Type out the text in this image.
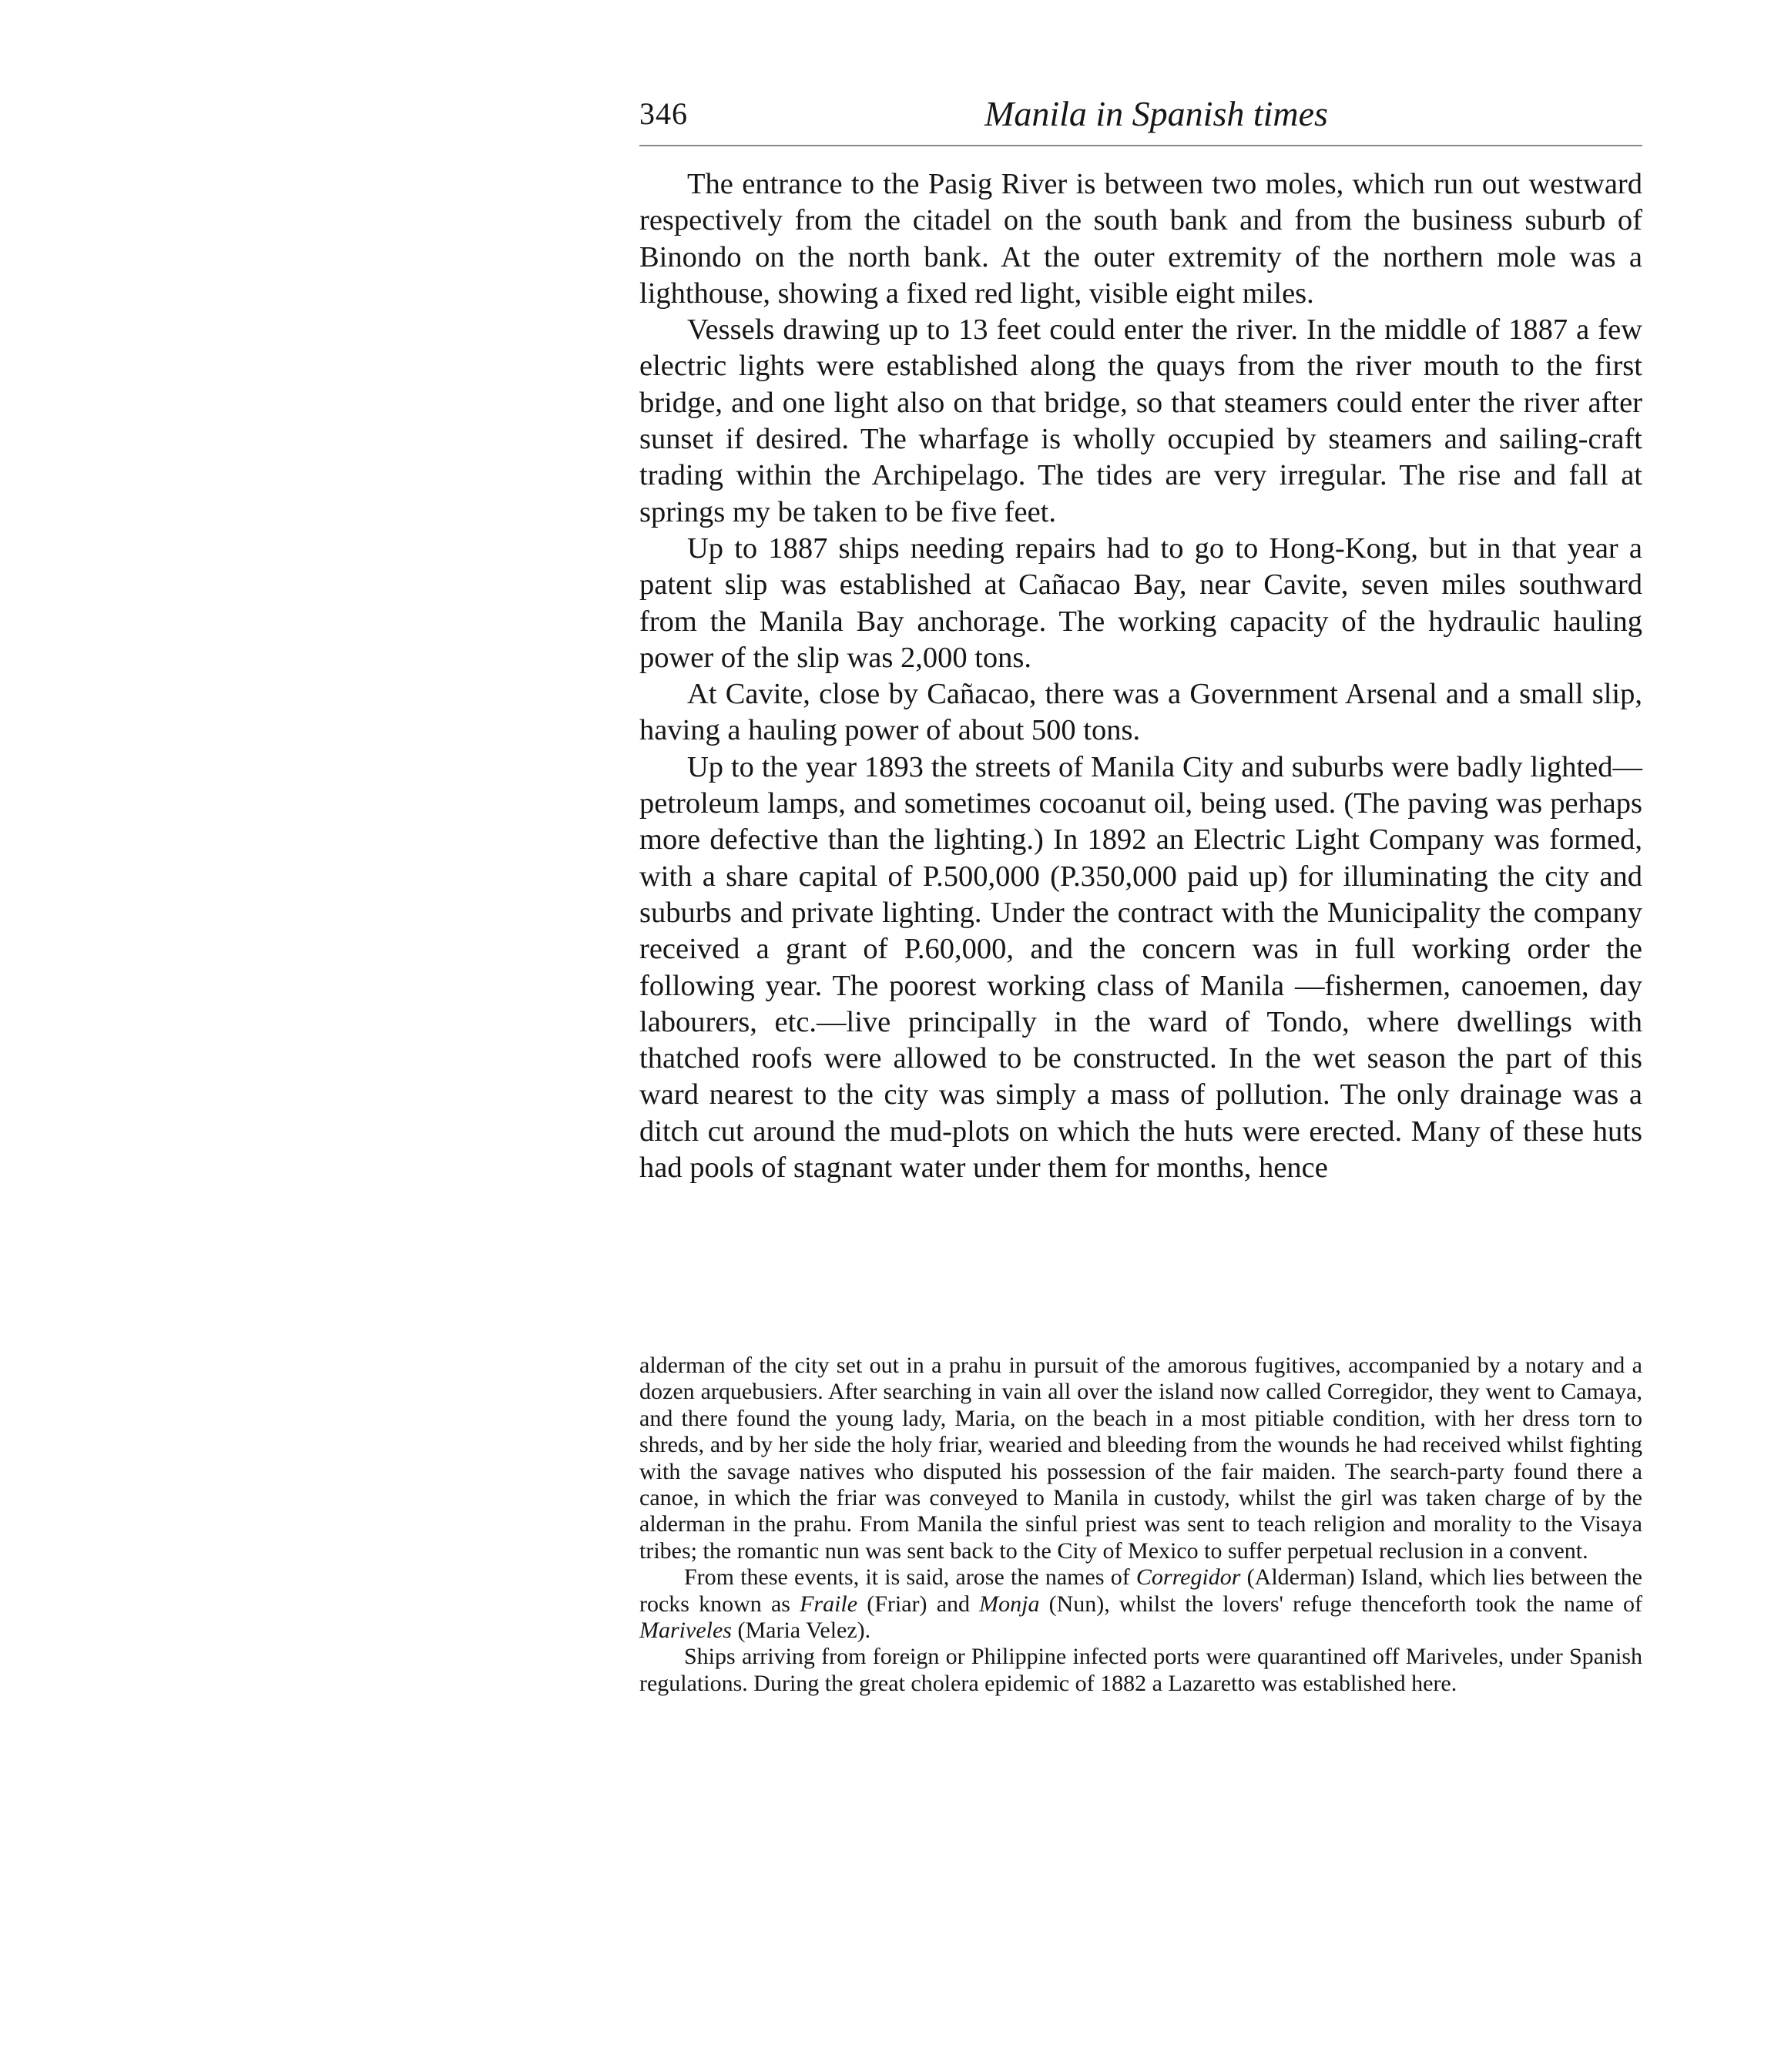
346	Manila in Spanish times

The entrance to the Pasig River is between two moles, which run out westward respectively from the citadel on the south bank and from the business suburb of Binondo on the north bank. At the outer extremity of the northern mole was a lighthouse, showing a fixed red light, visible eight miles.

Vessels drawing up to 13 feet could enter the river. In the middle of 1887 a few electric lights were established along the quays from the river mouth to the first bridge, and one light also on that bridge, so that steamers could enter the river after sunset if desired. The wharfage is wholly occupied by steamers and sailing-craft trading within the Archipelago. The tides are very irregular. The rise and fall at springs my be taken to be five feet.

Up to 1887 ships needing repairs had to go to Hong-Kong, but in that year a patent slip was established at Cañacao Bay, near Cavite, seven miles southward from the Manila Bay anchorage. The working capacity of the hydraulic hauling power of the slip was 2,000 tons.

At Cavite, close by Cañacao, there was a Government Arsenal and a small slip, having a hauling power of about 500 tons.

Up to the year 1893 the streets of Manila City and suburbs were badly lighted—petroleum lamps, and sometimes cocoanut oil, being used. (The paving was perhaps more defective than the lighting.) In 1892 an Electric Light Company was formed, with a share capital of P.500,000 (P.350,000 paid up) for illuminating the city and suburbs and private lighting. Under the contract with the Municipality the company received a grant of P.60,000, and the concern was in full working order the following year. The poorest working class of Manila —fishermen, canoemen, day labourers, etc.—live principally in the ward of Tondo, where dwellings with thatched roofs were allowed to be constructed. In the wet season the part of this ward nearest to the city was simply a mass of pollution. The only drainage was a ditch cut around the mud-plots on which the huts were erected. Many of these huts had pools of stagnant water under them for months, hence

alderman of the city set out in a prahu in pursuit of the amorous fugitives, accompanied by a notary and a dozen arquebusiers. After searching in vain all over the island now called Corregidor, they went to Camaya, and there found the young lady, Maria, on the beach in a most pitiable condition, with her dress torn to shreds, and by her side the holy friar, wearied and bleeding from the wounds he had received whilst fighting with the savage natives who disputed his possession of the fair maiden. The search-party found there a canoe, in which the friar was conveyed to Manila in custody, whilst the girl was taken charge of by the alderman in the prahu. From Manila the sinful priest was sent to teach religion and morality to the Visaya tribes; the romantic nun was sent back to the City of Mexico to suffer perpetual reclusion in a convent.

From these events, it is said, arose the names of Corregidor (Alderman) Island, which lies between the rocks known as Fraile (Friar) and Monja (Nun), whilst the lovers' refuge thenceforth took the name of Mariveles (Maria Velez).

Ships arriving from foreign or Philippine infected ports were quarantined off Mariveles, under Spanish regulations. During the great cholera epidemic of 1882 a Lazaretto was established here.
